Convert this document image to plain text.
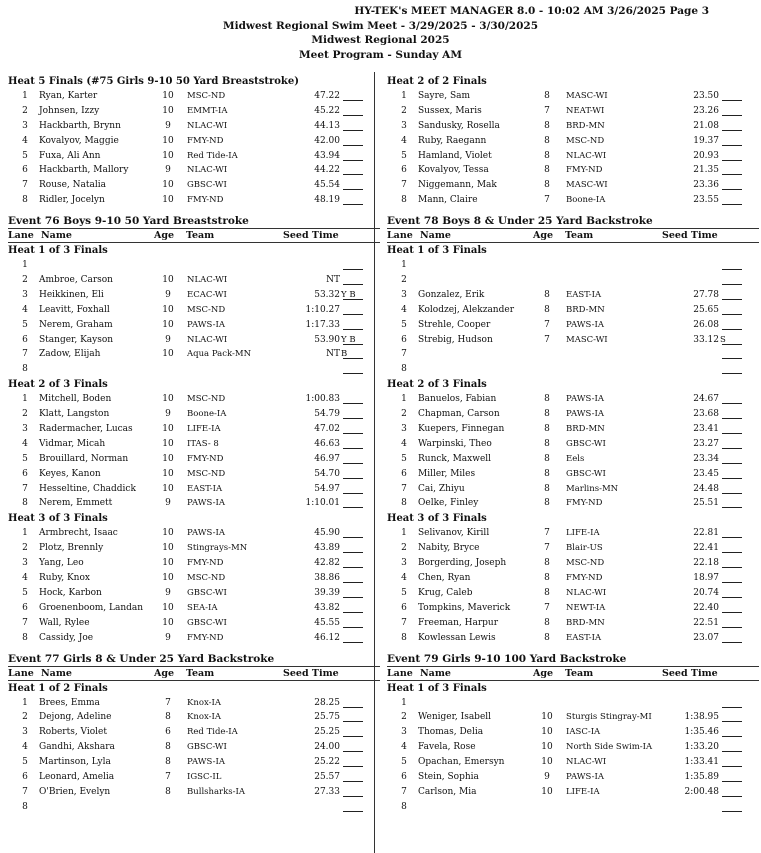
HY-TEK's MEET MANAGER 8.0 - 10:02 AM 3/26/2025 Page 3
Midwest Regional Swim Meet - 3/29/2025 - 3/30/2025
Midwest Regional 2025
Meet Program - Sunday AM
Heat 5 Finals (#75 Girls 9-10 50 Yard Breaststroke)
1	Ryan, Karter	10	MSC-ND	47.22
2	Johnsen, Izzy	10	EMMT-IA	45.22
3	Hackbarth, Brynn	9	NLAC-WI	44.13
4	Kovalyov, Maggie	10	FMY-ND	42.00
5	Fuxa, Ali Ann	10	Red Tide-IA	43.94
6	Hackbarth, Mallory	9	NLAC-WI	44.22
7	Rouse, Natalia	10	GBSC-WI	45.54
8	Ridler, Jocelyn	10	FMY-ND	48.19
Event 76 Boys 9-10 50 Yard Breaststroke
Lane Name	Age Team	Seed Time
Heat 1 of 3 Finals
1
2	Ambroe, Carson	10	NLAC-WI	NT
3	Heikkinen, Eli	9	ECAC-WI	53.32 Y B
4	Leavitt, Foxhall	10	MSC-ND	1:10.27
5	Nerem, Graham	10	PAWS-IA	1:17.33
6	Stanger, Kayson	9	NLAC-WI	53.90 Y B
7	Zadow, Elijah	10	Aqua Pack-MN	NT B
8
Heat 2 of 3 Finals
1	Mitchell, Boden	10	MSC-ND	1:00.83
2	Klatt, Langston	9	Boone-IA	54.79
3	Radermacher, Lucas	10	LIFE-IA	47.02
4	Vidmar, Micah	10	ITAS- 8	46.63
5	Brouillard, Norman	10	FMY-ND	46.97
6	Keyes, Kanon	10	MSC-ND	54.70
7	Hesseltine, Chaddick	10	EAST-IA	54.97
8	Nerem, Emmett	9	PAWS-IA	1:10.01
Heat 3 of 3 Finals
1	Armbrecht, Isaac	10	PAWS-IA	45.90
2	Plotz, Brennly	10	Stingrays-MN	43.89
3	Yang, Leo	10	FMY-ND	42.82
4	Ruby, Knox	10	MSC-ND	38.86
5	Hock, Karbon	9	GBSC-WI	39.39
6	Groenenboom, Landan	10	SEA-IA	43.82
7	Wall, Rylee	10	GBSC-WI	45.55
8	Cassidy, Joe	9	FMY-ND	46.12
Event 77 Girls 8 & Under 25 Yard Backstroke
Lane Name	Age Team	Seed Time
Heat 1 of 2 Finals
1	Brees, Emma	7	Knox-IA	28.25
2	Dejong, Adeline	8	Knox-IA	25.75
3	Roberts, Violet	6	Red Tide-IA	25.25
4	Gandhi, Akshara	8	GBSC-WI	24.00
5	Martinson, Lyla	8	PAWS-IA	25.22
6	Leonard, Amelia	7	IGSC-IL	25.57
7	O'Brien, Evelyn	8	Bullsharks-IA	27.33
8
Heat 2 of 2 Finals
1	Sayre, Sam	8	MASC-WI	23.50
2	Sussex, Maris	7	NEAT-WI	23.26
3	Sandusky, Rosella	8	BRD-MN	21.08
4	Ruby, Raegann	8	MSC-ND	19.37
5	Hamland, Violet	8	NLAC-WI	20.93
6	Kovalyov, Tessa	8	FMY-ND	21.35
7	Niggemann, Mak	8	MASC-WI	23.36
8	Mann, Claire	7	Boone-IA	23.55
Event 78 Boys 8 & Under 25 Yard Backstroke
Lane Name	Age Team	Seed Time
Heat 1 of 3 Finals
1
2
3	Gonzalez, Erik	8	EAST-IA	27.78
4	Kolodzej, Alekzander	8	BRD-MN	25.65
5	Strehle, Cooper	7	PAWS-IA	26.08
6	Strebig, Hudson	7	MASC-WI	33.12 S
7
8
Heat 2 of 3 Finals
1	Banuelos, Fabian	8	PAWS-IA	24.67
2	Chapman, Carson	8	PAWS-IA	23.68
3	Kuepers, Finnegan	8	BRD-MN	23.41
4	Warpinski, Theo	8	GBSC-WI	23.27
5	Runck, Maxwell	8	Eels	23.34
6	Miller, Miles	8	GBSC-WI	23.45
7	Cai, Zhiyu	8	Marlins-MN	24.48
8	Oelke, Finley	8	FMY-ND	25.51
Heat 3 of 3 Finals
1	Selivanov, Kirill	7	LIFE-IA	22.81
2	Nabity, Bryce	7	Blair-US	22.41
3	Borgerding, Joseph	8	MSC-ND	22.18
4	Chen, Ryan	8	FMY-ND	18.97
5	Krug, Caleb	8	NLAC-WI	20.74
6	Tompkins, Maverick	7	NEWT-IA	22.40
7	Freeman, Harpur	8	BRD-MN	22.51
8	Kowlessan Lewis	8	EAST-IA	23.07
Event 79 Girls 9-10 100 Yard Backstroke
Lane Name	Age Team	Seed Time
Heat 1 of 3 Finals
1
2	Weniger, Isabell	10	Sturgis Stingray-MI	1:38.95
3	Thomas, Delia	10	IASC-IA	1:35.46
4	Favela, Rose	10	North Side Swim-IA	1:33.20
5	Opachan, Emersyn	10	NLAC-WI	1:33.41
6	Stein, Sophia	9	PAWS-IA	1:35.89
7	Carlson, Mia	10	LIFE-IA	2:00.48
8
